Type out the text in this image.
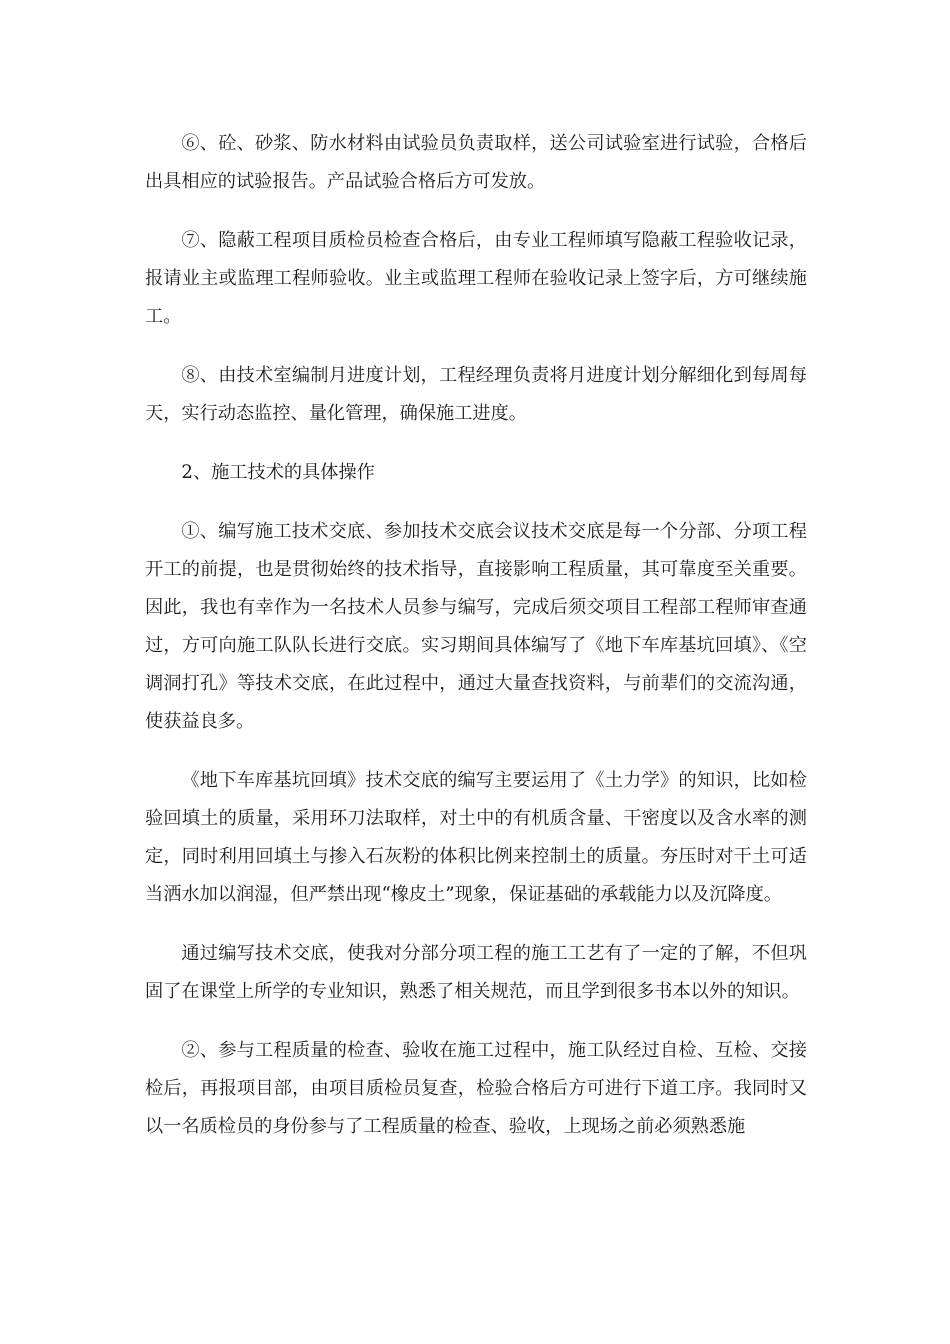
⑥、砼、砂浆、防水材料由试验员负责取样，送公司试验室进行试验，合格后出具相应的试验报告。产品试验合格后方可发放。

⑦、隐蔽工程项目质检员检查合格后，由专业工程师填写隐蔽工程验收记录，报请业主或监理工程师验收。业主或监理工程师在验收记录上签字后，方可继续施工。

⑧、由技术室编制月进度计划，工程经理负责将月进度计划分解细化到每周每天，实行动态监控、量化管理，确保施工进度。

2、施工技术的具体操作

①、编写施工技术交底、参加技术交底会议技术交底是每一个分部、分项工程开工的前提，也是贯彻始终的技术指导，直接影响工程质量，其可靠度至关重要。因此，我也有幸作为一名技术人员参与编写，完成后须交项目工程部工程师审查通过，方可向施工队队长进行交底。实习期间具体编写了《地下车库基坑回填》、《空调洞打孔》等技术交底，在此过程中，通过大量查找资料，与前辈们的交流沟通，使获益良多。

《地下车库基坑回填》技术交底的编写主要运用了《土力学》的知识，比如检验回填土的质量，采用环刀法取样，对土中的有机质含量、干密度以及含水率的测定，同时利用回填土与掺入石灰粉的体积比例来控制土的质量。夯压时对干土可适当洒水加以润湿，但严禁出现“橡皮土”现象，保证基础的承载能力以及沉降度。

通过编写技术交底，使我对分部分项工程的施工工艺有了一定的了解，不但巩固了在课堂上所学的专业知识，熟悉了相关规范，而且学到很多书本以外的知识。

②、参与工程质量的检查、验收在施工过程中，施工队经过自检、互检、交接检后，再报项目部，由项目质检员复查，检验合格后方可进行下道工序。我同时又以一名质检员的身份参与了工程质量的检查、验收，上现场之前必须熟悉施
